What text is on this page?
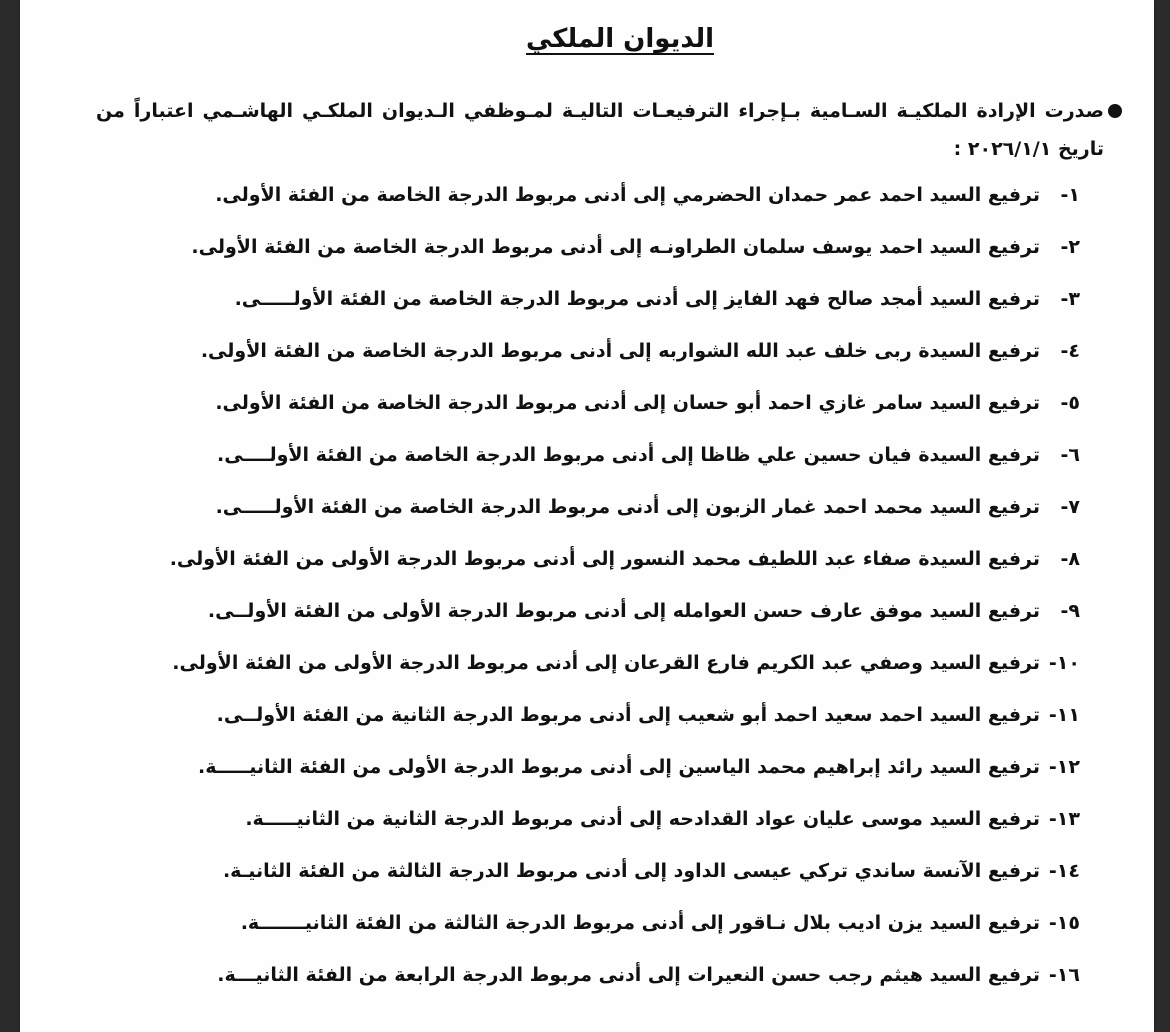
الديوان الملكي
صدرت الإرادة الملكيـة السـامية بـإجراء الترفيعـات التاليـة لمـوظفي الـديوان الملكـي الهاشـمي اعتباراً من تاريخ ٢٠٢٦/١/١ :
١-
ترفيع السيد احمد عمر حمدان الحضرمي إلى أدنى مربوط الدرجة الخاصة من الفئة الأولى.
٢-
ترفيع السيد احمد يوسف سلمان الطراونـه إلى أدنى مربوط الدرجة الخاصة من الفئة الأولى.
٣-
ترفيع السيد أمجد صالح فهد الفايز إلى أدنى مربوط الدرجة الخاصة من الفئة الأولـــــى.
٤-
ترفيع السيدة ربى خلف عبد الله الشواربه إلى أدنى مربوط الدرجة الخاصة من الفئة الأولى.
٥-
ترفيع السيد سامر غازي احمد أبو حسان إلى أدنى مربوط الدرجة الخاصة من الفئة الأولى.
٦-
ترفيع السيدة فيان حسين علي ظاظا إلى أدنى مربوط الدرجة الخاصة من الفئة الأولــــى.
٧-
ترفيع السيد محمد احمد غمار الزبون إلى أدنى مربوط الدرجة الخاصة من الفئة الأولـــــى.
٨-
ترفيع السيدة صفاء عبد اللطيف محمد النسور إلى أدنى مربوط الدرجة الأولى من الفئة الأولى.
٩-
ترفيع السيد موفق عارف حسن العوامله إلى أدنى مربوط الدرجة الأولى من الفئة الأولــى.
١٠-
ترفيع السيد وصفي عبد الكريم فارع القرعان إلى أدنى مربوط الدرجة الأولى من الفئة الأولى.
١١-
ترفيع السيد احمد سعيد احمد أبو شعيب إلى أدنى مربوط الدرجة الثانية من الفئة الأولــى.
١٢-
ترفيع السيد رائد إبراهيم محمد الياسين إلى أدنى مربوط الدرجة الأولى من الفئة الثانيـــــة.
١٣-
ترفيع السيد موسى عليان عواد القدادحه إلى أدنى مربوط الدرجة الثانية من الثانيـــــة.
١٤-
ترفيع الآنسة ساندي تركي عيسى الداود إلى أدنى مربوط الدرجة الثالثة من الفئة الثانيـة.
١٥-
ترفيع السيد يزن اديب بلال نـاقور إلى أدنى مربوط الدرجة الثالثة من الفئة الثانيـــــــة.
١٦-
ترفيع السيد هيثم رجب حسن النعيرات إلى أدنى مربوط الدرجة الرابعة من الفئة الثانيـــة.
